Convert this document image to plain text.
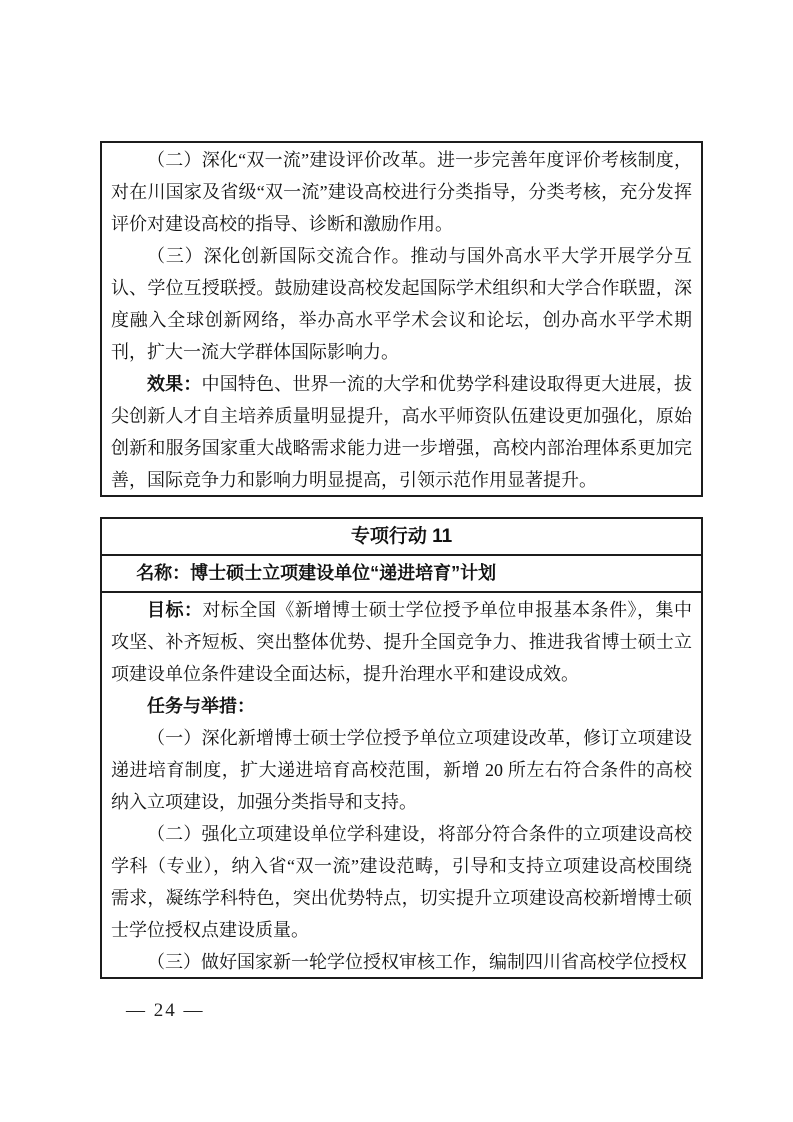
（二）深化“双一流”建设评价改革。进一步完善年度评价考核制度，对在川国家及省级“双一流”建设高校进行分类指导，分类考核，充分发挥评价对建设高校的指导、诊断和激励作用。

（三）深化创新国际交流合作。推动与国外高水平大学开展学分互认、学位互授联授。鼓励建设高校发起国际学术组织和大学合作联盟，深度融入全球创新网络，举办高水平学术会议和论坛，创办高水平学术期刊，扩大一流大学群体国际影响力。

效果：中国特色、世界一流的大学和优势学科建设取得更大进展，拔尖创新人才自主培养质量明显提升，高水平师资队伍建设更加强化，原始创新和服务国家重大战略需求能力进一步增强，高校内部治理体系更加完善，国际竞争力和影响力明显提高，引领示范作用显著提升。

专项行动 11
名称：博士硕士立项建设单位“递进培育”计划

目标：对标全国《新增博士硕士学位授予单位申报基本条件》，集中攻坚、补齐短板、突出整体优势、提升全国竞争力、推进我省博士硕士立项建设单位条件建设全面达标，提升治理水平和建设成效。

任务与举措：

（一）深化新增博士硕士学位授予单位立项建设改革，修订立项建设递进培育制度，扩大递进培育高校范围，新增 20 所左右符合条件的高校纳入立项建设，加强分类指导和支持。

（二）强化立项建设单位学科建设，将部分符合条件的立项建设高校学科（专业），纳入省“双一流”建设范畴，引导和支持立项建设高校围绕需求，凝练学科特色，突出优势特点，切实提升立项建设高校新增博士硕士学位授权点建设质量。

（三）做好国家新一轮学位授权审核工作，编制四川省高校学位授权

— 24 —
